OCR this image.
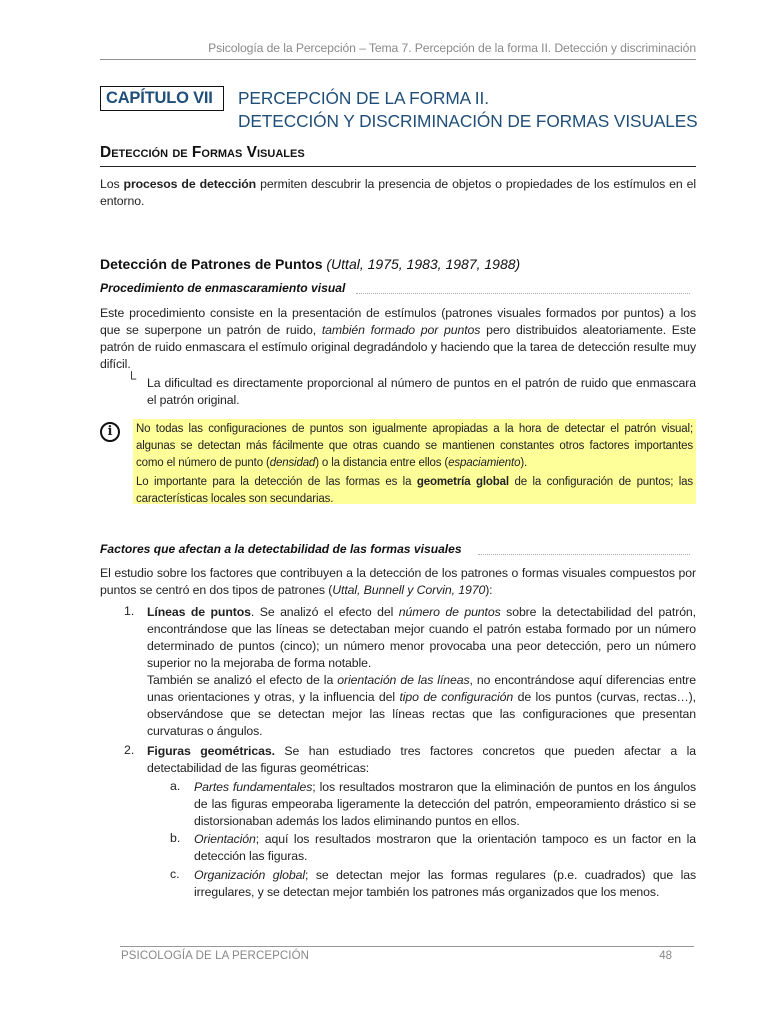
Psicología de la Percepción – Tema 7. Percepción de la forma II. Detección y discriminación
CAPÍTULO VII	PERCEPCIÓN DE LA FORMA II.
DETECCIÓN Y DISCRIMINACIÓN DE FORMAS VISUALES
Detección de Formas Visuales
Los procesos de detección permiten descubrir la presencia de objetos o propiedades de los estímulos en el entorno.
Detección de Patrones de Puntos (Uttal, 1975, 1983, 1987, 1988)
Procedimiento de enmascaramiento visual
Este procedimiento consiste en la presentación de estímulos (patrones visuales formados por puntos) a los que se superpone un patrón de ruido, también formado por puntos pero distribuidos aleatoriamente. Este patrón de ruido enmascara el estímulo original degradándolo y haciendo que la tarea de detección resulte muy difícil.
└ La dificultad es directamente proporcional al número de puntos en el patrón de ruido que enmascara el patrón original.
i	No todas las configuraciones de puntos son igualmente apropiadas a la hora de detectar el patrón visual; algunas se detectan más fácilmente que otras cuando se mantienen constantes otros factores importantes como el número de punto (densidad) o la distancia entre ellos (espaciamiento).
Lo importante para la detección de las formas es la geometría global de la configuración de puntos; las características locales son secundarias.
Factores que afectan a la detectabilidad de las formas visuales
El estudio sobre los factores que contribuyen a la detección de los patrones o formas visuales compuestos por puntos se centró en dos tipos de patrones (Uttal, Bunnell y Corvin, 1970):
1. Líneas de puntos. Se analizó el efecto del número de puntos sobre la detectabilidad del patrón, encontrándose que las líneas se detectaban mejor cuando el patrón estaba formado por un número determinado de puntos (cinco); un número menor provocaba una peor detección, pero un número superior no la mejoraba de forma notable.
También se analizó el efecto de la orientación de las líneas, no encontrándose aquí diferencias entre unas orientaciones y otras, y la influencia del tipo de configuración de los puntos (curvas, rectas…), observándose que se detectan mejor las líneas rectas que las configuraciones que presentan curvaturas o ángulos.
2. Figuras geométricas. Se han estudiado tres factores concretos que pueden afectar a la detectabilidad de las figuras geométricas:
a. Partes fundamentales; los resultados mostraron que la eliminación de puntos en los ángulos de las figuras empeoraba ligeramente la detección del patrón, empeoramiento drástico si se distorsionaban además los lados eliminando puntos en ellos.
b. Orientación; aquí los resultados mostraron que la orientación tampoco es un factor en la detección las figuras.
c. Organización global; se detectan mejor las formas regulares (p.e. cuadrados) que las irregulares, y se detectan mejor también los patrones más organizados que los menos.
PSICOLOGÍA DE LA PERCEPCIÓN	48
